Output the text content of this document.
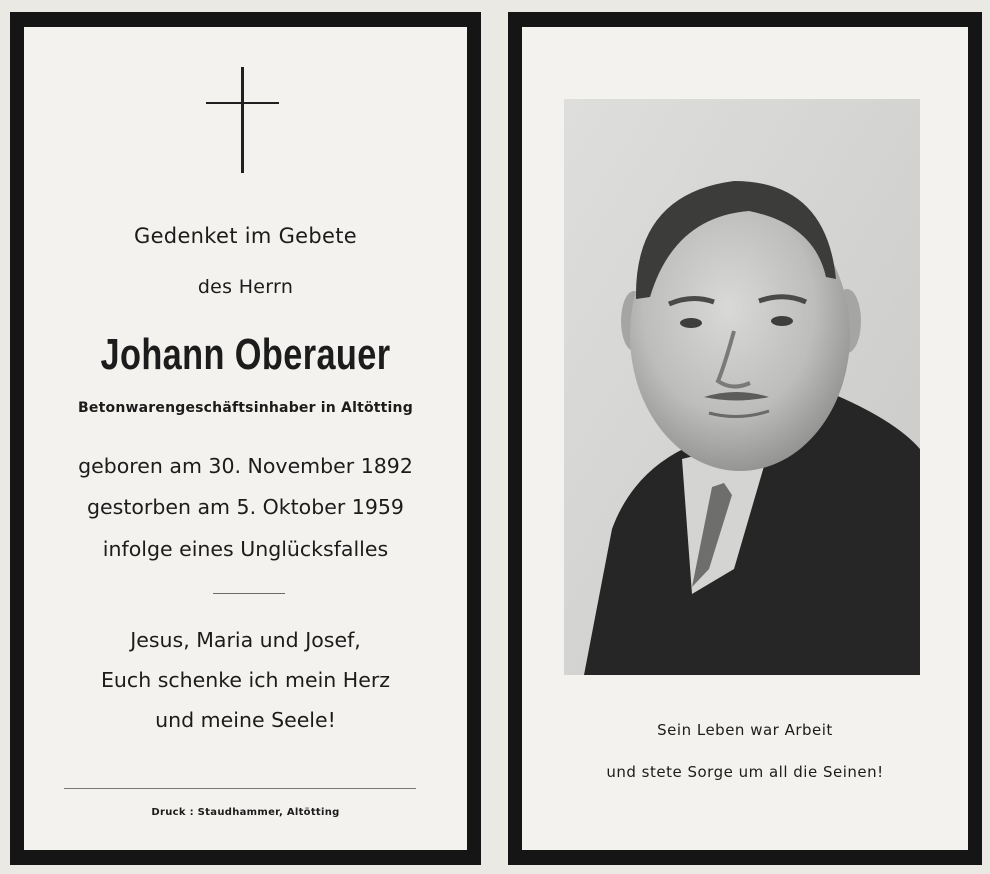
Gedenket im Gebete
des Herrn
Johann Oberauer
Betonwarengeschäftsinhaber in Altötting
geboren am 30. November 1892
gestorben am 5. Oktober 1959
infolge eines Unglücksfalles
Jesus, Maria und Josef,
Euch schenke ich mein Herz
und meine Seele!
Druck : Staudhammer, Altötting
Sein Leben war Arbeit
und stete Sorge um all die Seinen!
